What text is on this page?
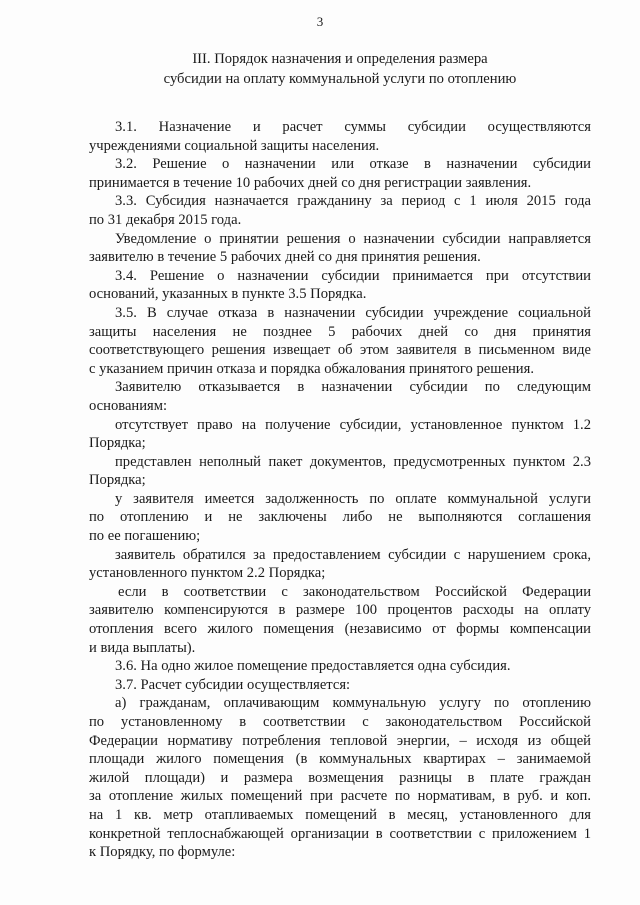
3
III. Порядок назначения и определения размера
субсидии на оплату коммунальной услуги по отоплению
3.1. Назначение и расчет суммы субсидии осуществляются
учреждениями социальной защиты населения.
3.2. Решение о назначении или отказе в назначении субсидии
принимается в течение 10 рабочих дней со дня регистрации заявления.
3.3. Субсидия назначается гражданину за период с 1 июля 2015 года
по 31 декабря 2015 года.
Уведомление о принятии решения о назначении субсидии направляется
заявителю в течение 5 рабочих дней со дня принятия решения.
3.4. Решение о назначении субсидии принимается при отсутствии
оснований, указанных в пункте 3.5 Порядка.
3.5. В случае отказа в назначении субсидии учреждение социальной
защиты населения не позднее 5 рабочих дней со дня принятия
соответствующего решения извещает об этом заявителя в письменном виде
с указанием причин отказа и порядка обжалования принятого решения.
Заявителю отказывается в назначении субсидии по следующим
основаниям:
отсутствует право на получение субсидии, установленное пунктом 1.2
Порядка;
представлен неполный пакет документов, предусмотренных пунктом 2.3
Порядка;
у заявителя имеется задолженность по оплате коммунальной услуги
по отоплению и не заключены либо не выполняются соглашения
по ее погашению;
заявитель обратился за предоставлением субсидии с нарушением срока,
установленного пунктом 2.2 Порядка;
если в соответствии с законодательством Российской Федерации
заявителю компенсируются в размере 100 процентов расходы на оплату
отопления всего жилого помещения (независимо от формы компенсации
и вида выплаты).
3.6. На одно жилое помещение предоставляется одна субсидия.
3.7. Расчет субсидии осуществляется:
а) гражданам, оплачивающим коммунальную услугу по отоплению
по установленному в соответствии с законодательством Российской
Федерации нормативу потребления тепловой энергии, – исходя из общей
площади жилого помещения (в коммунальных квартирах – занимаемой
жилой площади) и размера возмещения разницы в плате граждан
за отопление жилых помещений при расчете по нормативам, в руб. и коп.
на 1 кв. метр отапливаемых помещений в месяц, установленного для
конкретной теплоснабжающей организации в соответствии с приложением 1
к Порядку, по формуле:
